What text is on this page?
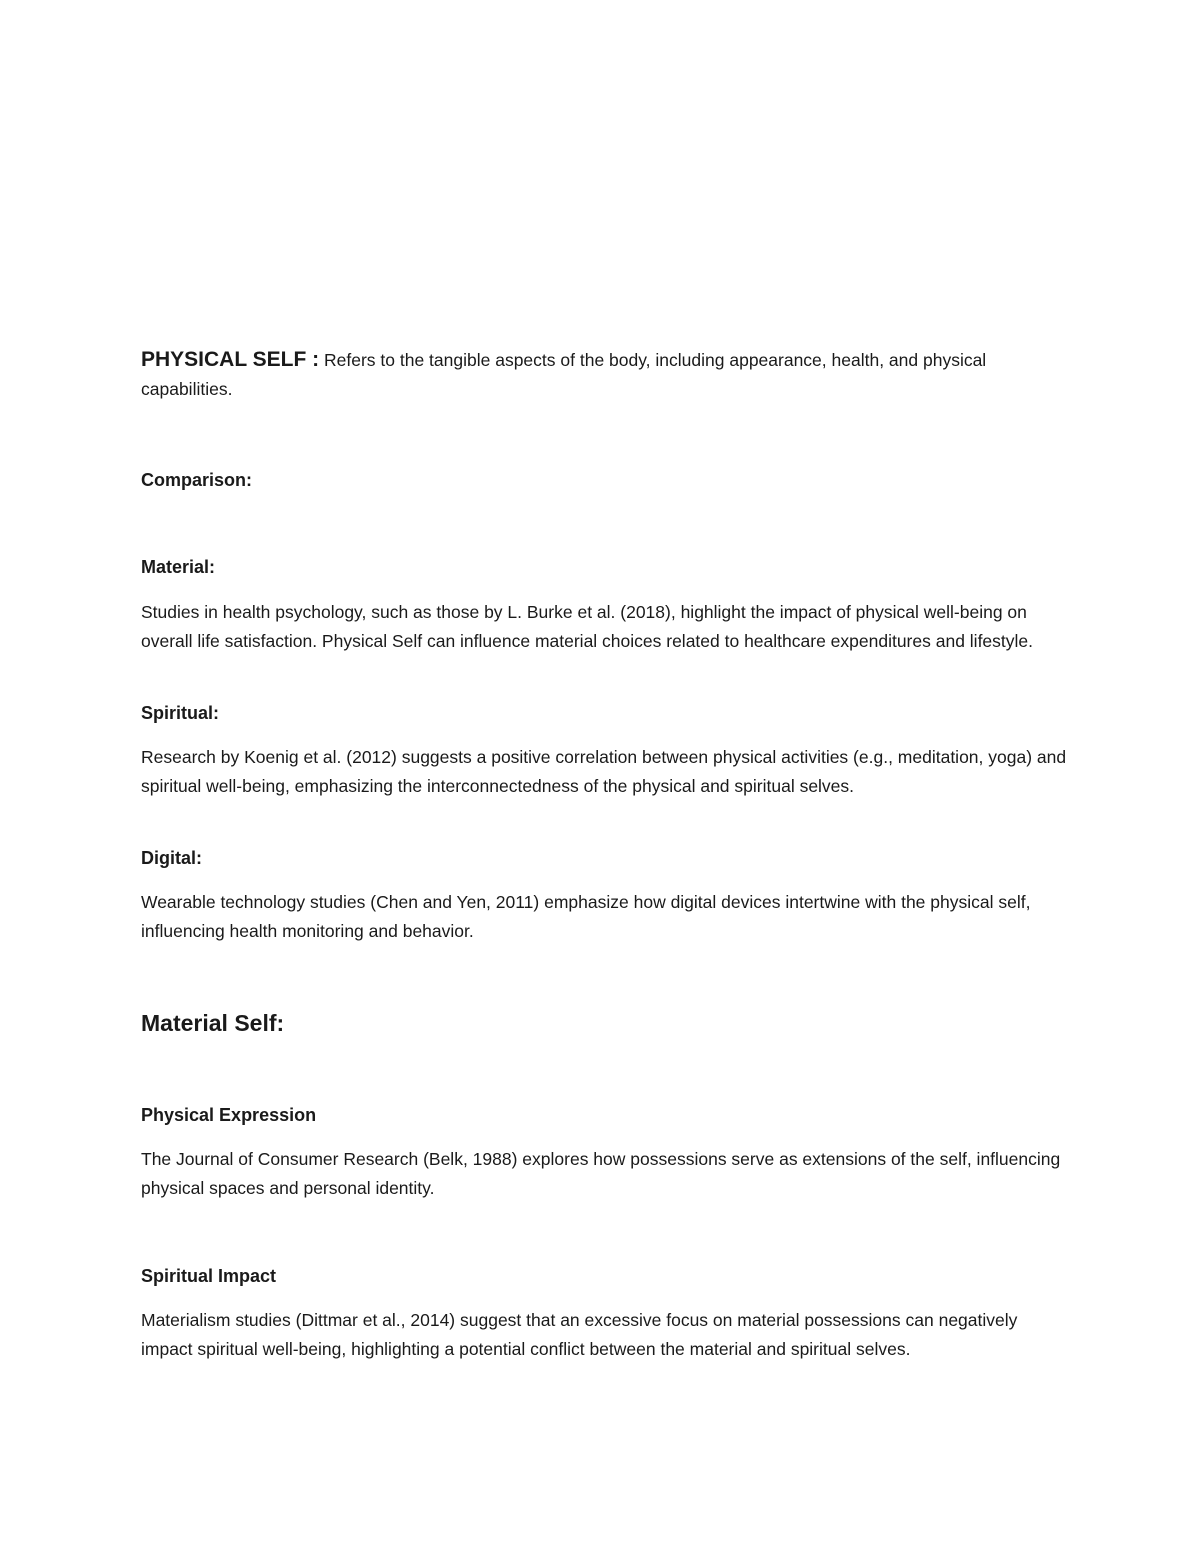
PHYSICAL SELF : Refers to the tangible aspects of the body, including appearance, health, and physical capabilities.

Comparison:

Material:

Studies in health psychology, such as those by L. Burke et al. (2018), highlight the impact of physical well-being on overall life satisfaction. Physical Self can influence material choices related to healthcare expenditures and lifestyle.

Spiritual:

Research by Koenig et al. (2012) suggests a positive correlation between physical activities (e.g., meditation, yoga) and spiritual well-being, emphasizing the interconnectedness of the physical and spiritual selves.

Digital:

Wearable technology studies (Chen and Yen, 2011) emphasize how digital devices intertwine with the physical self, influencing health monitoring and behavior.

Material Self:

Physical Expression

The Journal of Consumer Research (Belk, 1988) explores how possessions serve as extensions of the self, influencing physical spaces and personal identity.

Spiritual Impact

Materialism studies (Dittmar et al., 2014) suggest that an excessive focus on material possessions can negatively impact spiritual well-being, highlighting a potential conflict between the material and spiritual selves.
